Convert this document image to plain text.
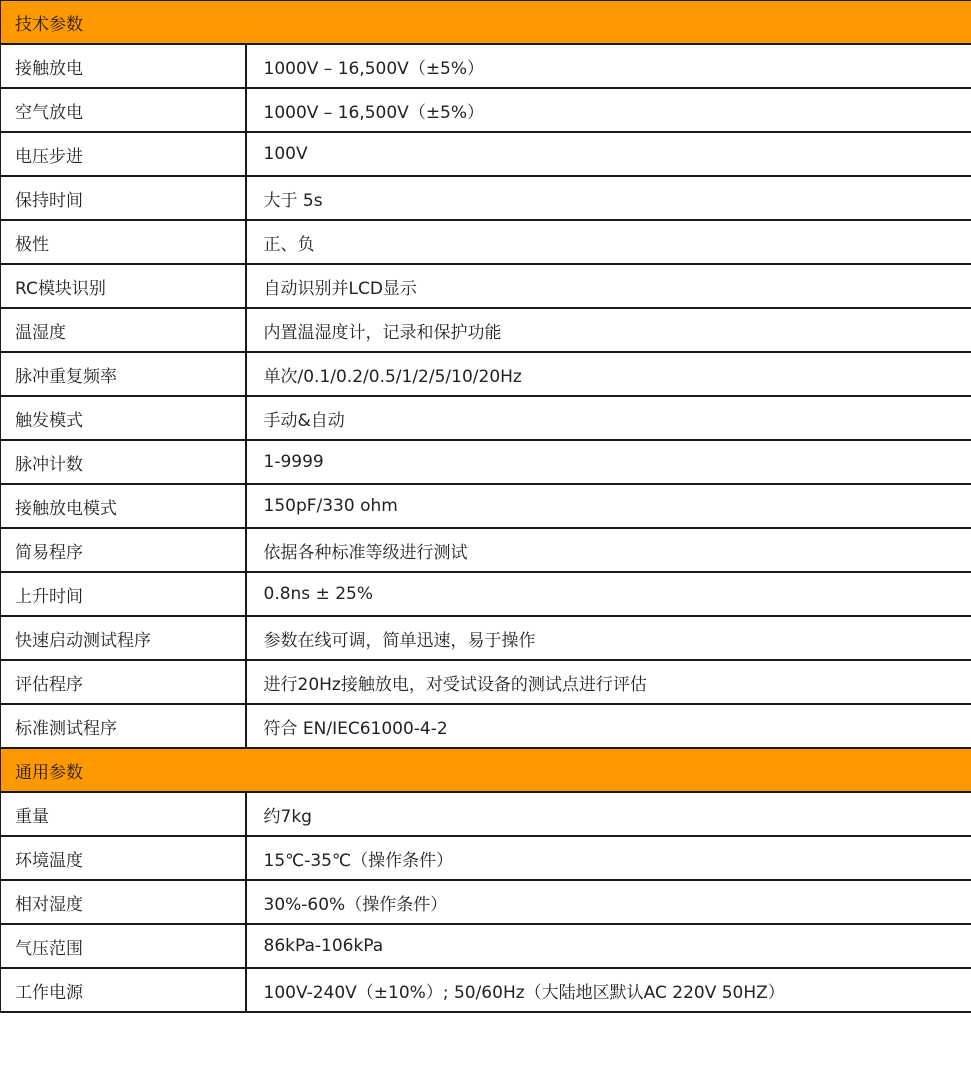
技术参数	
接触放电	1000V – 16,500V（±5%）
空气放电	1000V – 16,500V（±5%）
电压步进	100V
保持时间	大于 5s
极性	正、负
RC模块识别	自动识别并LCD显示
温湿度	内置温湿度计，记录和保护功能
脉冲重复频率	单次/0.1/0.2/0.5/1/2/5/10/20Hz
触发模式	手动&自动
脉冲计数	1-9999
接触放电模式	150pF/330 ohm
简易程序	依据各种标准等级进行测试
上升时间	0.8ns ± 25%
快速启动测试程序	参数在线可调，简单迅速，易于操作
评估程序	进行20Hz接触放电，对受试设备的测试点进行评估
标准测试程序	符合 EN/IEC61000-4-2
通用参数	
重量	约7kg
环境温度	15℃-35℃（操作条件）
相对湿度	30%-60%（操作条件）
气压范围	86kPa-106kPa
工作电源	100V-240V（±10%）; 50/60Hz（大陆地区默认AC 220V 50HZ）
